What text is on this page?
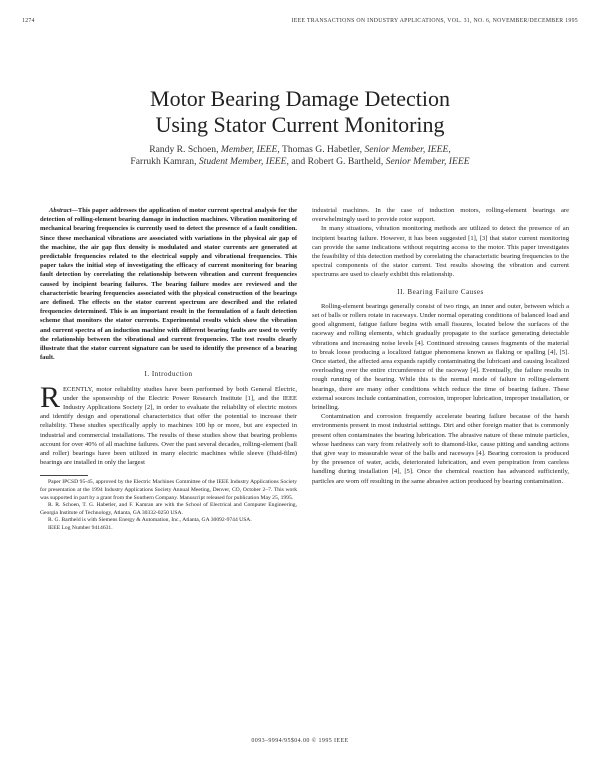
1274	IEEE TRANSACTIONS ON INDUSTRY APPLICATIONS, VOL. 31, NO. 6, NOVEMBER/DECEMBER 1995
Motor Bearing Damage Detection
Using Stator Current Monitoring
Randy R. Schoen, Member, IEEE, Thomas G. Habetler, Senior Member, IEEE,
Farrukh Kamran, Student Member, IEEE, and Robert G. Bartheld, Senior Member, IEEE

Abstract—This paper addresses the application of motor current spectral analysis for the detection of rolling-element bearing damage in induction machines. Vibration monitoring of mechanical bearing frequencies is currently used to detect the presence of a fault condition. Since these mechanical vibrations are associated with variations in the physical air gap of the machine, the air gap flux density is modulated and stator currents are generated at predictable frequencies related to the electrical supply and vibrational frequencies. This paper takes the initial step of investigating the efficacy of current monitoring for bearing fault detection by correlating the relationship between vibration and current frequencies caused by incipient bearing failures. The bearing failure modes are reviewed and the characteristic bearing frequencies associated with the physical construction of the bearings are defined. The effects on the stator current spectrum are described and the related frequencies determined. This is an important result in the formulation of a fault detection scheme that monitors the stator currents. Experimental results which show the vibration and current spectra of an induction machine with different bearing faults are used to verify the relationship between the vibrational and current frequencies. The test results clearly illustrate that the stator current signature can be used to identify the presence of a bearing fault.

I. Introduction

RECENTLY, motor reliability studies have been performed by both General Electric, under the sponsorship of the Electric Power Research Institute [1], and the IEEE Industry Applications Society [2], in order to evaluate the reliability of electric motors and identify design and operational characteristics that offer the potential to increase their reliability. These studies specifically apply to machines 100 hp or more, but are expected in industrial and commercial installations. The results of these studies show that bearing problems account for over 40% of all machine failures. Over the past several decades, rolling-element (ball and roller) bearings have been utilized in many electric machines while sleeve (fluid-film) bearings are installed in only the largest

Paper IPCSD 95-45, approved by the Electric Machines Committee of the IEEE Industry Applications Society for presentation at the 1994 Industry Applications Society Annual Meeting, Denver, CO, October 2–7. This work was supported in part by a grant from the Southern Company. Manuscript released for publication May 25, 1995.

R. R. Schoen, T. G. Habetler, and F. Kamran are with the School of Electrical and Computer Engineering, Georgia Institute of Technology, Atlanta, GA 30332-0250 USA.

R. G. Bartheld is with Siemens Energy & Automation, Inc., Atlanta, GA 30092-9744 USA.

IEEE Log Number 9414631.

industrial machines. In the case of induction motors, rolling-element bearings are overwhelmingly used to provide rotor support.

In many situations, vibration monitoring methods are utilized to detect the presence of an incipient bearing failure. However, it has been suggested [1], [3] that stator current monitoring can provide the same indications without requiring access to the motor. This paper investigates the feasibility of this detection method by correlating the characteristic bearing frequencies to the spectral components of the stator current. Test results showing the vibration and current spectrums are used to clearly exhibit this relationship.

II. Bearing Failure Causes

Rolling-element bearings generally consist of two rings, an inner and outer, between which a set of balls or rollers rotate in raceways. Under normal operating conditions of balanced load and good alignment, fatigue failure begins with small fissures, located below the surfaces of the raceway and rolling elements, which gradually propagate to the surface generating detectable vibrations and increasing noise levels [4]. Continued stressing causes fragments of the material to break loose producing a localized fatigue phenomena known as flaking or spalling [4], [5]. Once started, the affected area expands rapidly contaminating the lubricant and causing localized overloading over the entire circumference of the raceway [4]. Eventually, the failure results in rough running of the bearing. While this is the normal mode of failure in rolling-element bearings, there are many other conditions which reduce the time of bearing failure. These external sources include contamination, corrosion, improper lubrication, improper installation, or brinelling.

Contamination and corrosion frequently accelerate bearing failure because of the harsh environments present in most industrial settings. Dirt and other foreign matter that is commonly present often contaminates the bearing lubrication. The abrasive nature of these minute particles, whose hardness can vary from relatively soft to diamond-like, cause pitting and sanding actions that give way to measurable wear of the balls and raceways [4]. Bearing corrosion is produced by the presence of water, acids, deteriorated lubrication, and even perspiration from careless handling during installation [4], [5]. Once the chemical reaction has advanced sufficiently, particles are worn off resulting in the same abrasive action produced by bearing contamination.

0093–9994/95$04.00 © 1995 IEEE
